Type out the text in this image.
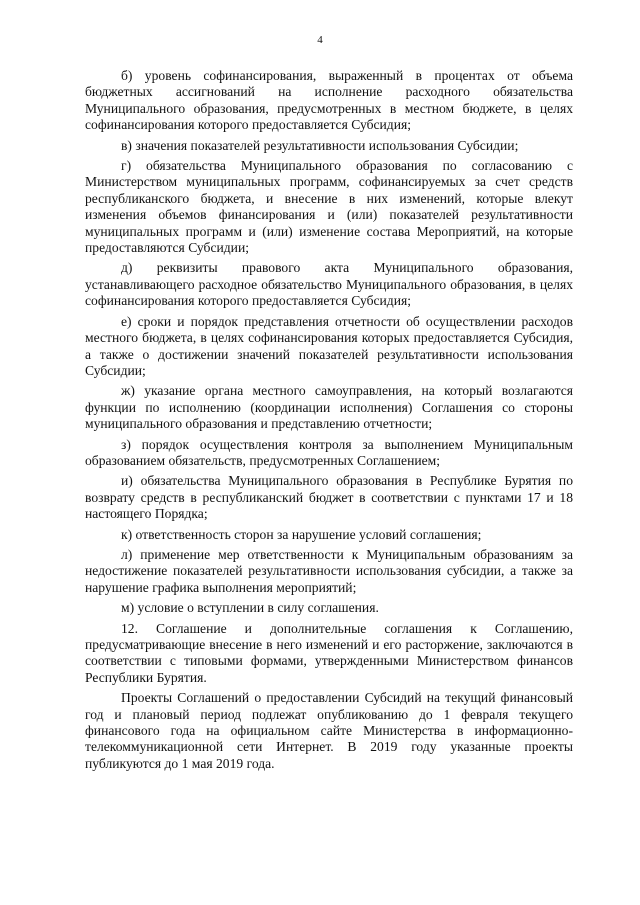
4

б) уровень софинансирования, выраженный в процентах от объема бюджетных ассигнований на исполнение расходного обязательства Муниципального образования, предусмотренных в местном бюджете, в целях софинансирования которого предоставляется Субсидия;

в) значения показателей результативности использования Субсидии;

г) обязательства Муниципального образования по согласованию с Министерством муниципальных программ, софинансируемых за счет средств республиканского бюджета, и внесение в них изменений, которые влекут изменения объемов финансирования и (или) показателей результативности муниципальных программ и (или) изменение состава Мероприятий, на которые предоставляются Субсидии;

д) реквизиты правового акта Муниципального образования, устанавливающего расходное обязательство Муниципального образования, в целях софинансирования которого предоставляется Субсидия;

е) сроки и порядок представления отчетности об осуществлении расходов местного бюджета, в целях софинансирования которых предоставляется Субсидия, а также о достижении значений показателей результативности использования Субсидии;

ж) указание органа местного самоуправления, на который возлагаются функции по исполнению (координации исполнения) Соглашения со стороны муниципального образования и представлению отчетности;

з) порядок осуществления контроля за выполнением Муниципальным образованием обязательств, предусмотренных Соглашением;

и) обязательства Муниципального образования в Республике Бурятия по возврату средств в республиканский бюджет в соответствии с пунктами 17 и 18 настоящего Порядка;

к) ответственность сторон за нарушение условий соглашения;

л) применение мер ответственности к Муниципальным образованиям за недостижение показателей результативности использования субсидии, а также за нарушение графика выполнения мероприятий;

м) условие о вступлении в силу соглашения.

12. Соглашение и дополнительные соглашения к Соглашению, предусматривающие внесение в него изменений и его расторжение, заключаются в соответствии с типовыми формами, утвержденными Министерством финансов Республики Бурятия.

Проекты Соглашений о предоставлении Субсидий на текущий финансовый год и плановый период подлежат опубликованию до 1 февраля текущего финансового года на официальном сайте Министерства в информационно-телекоммуникационной сети Интернет. В 2019 году указанные проекты публикуются до 1 мая 2019 года.
